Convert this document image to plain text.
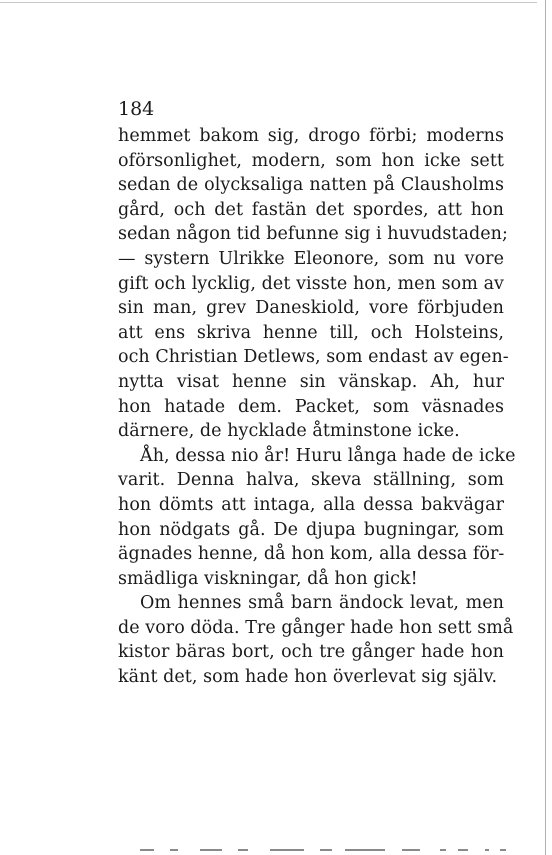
184
hemmet bakom sig, drogo förbi; moderns
oförsonlighet, modern, som hon icke sett
sedan de olycksaliga natten på Clausholms
gård, och det fastän det spordes, att hon
sedan någon tid befunne sig i huvudstaden;
— systern Ulrikke Eleonore, som nu vore
gift och lycklig, det visste hon, men som av
sin man, grev Daneskiold, vore förbjuden
att ens skriva henne till, och Holsteins,
och Christian Detlews, som endast av egen-
nytta visat henne sin vänskap. Ah, hur
hon hatade dem. Packet, som väsnades
därnere, de hycklade åtminstone icke.
Åh, dessa nio år! Huru långa hade de icke
varit. Denna halva, skeva ställning, som
hon dömts att intaga, alla dessa bakvägar
hon nödgats gå. De djupa bugningar, som
ägnades henne, då hon kom, alla dessa för-
smädliga viskningar, då hon gick!
Om hennes små barn ändock levat, men
de voro döda. Tre gånger hade hon sett små
kistor bäras bort, och tre gånger hade hon
känt det, som hade hon överlevat sig själv.
